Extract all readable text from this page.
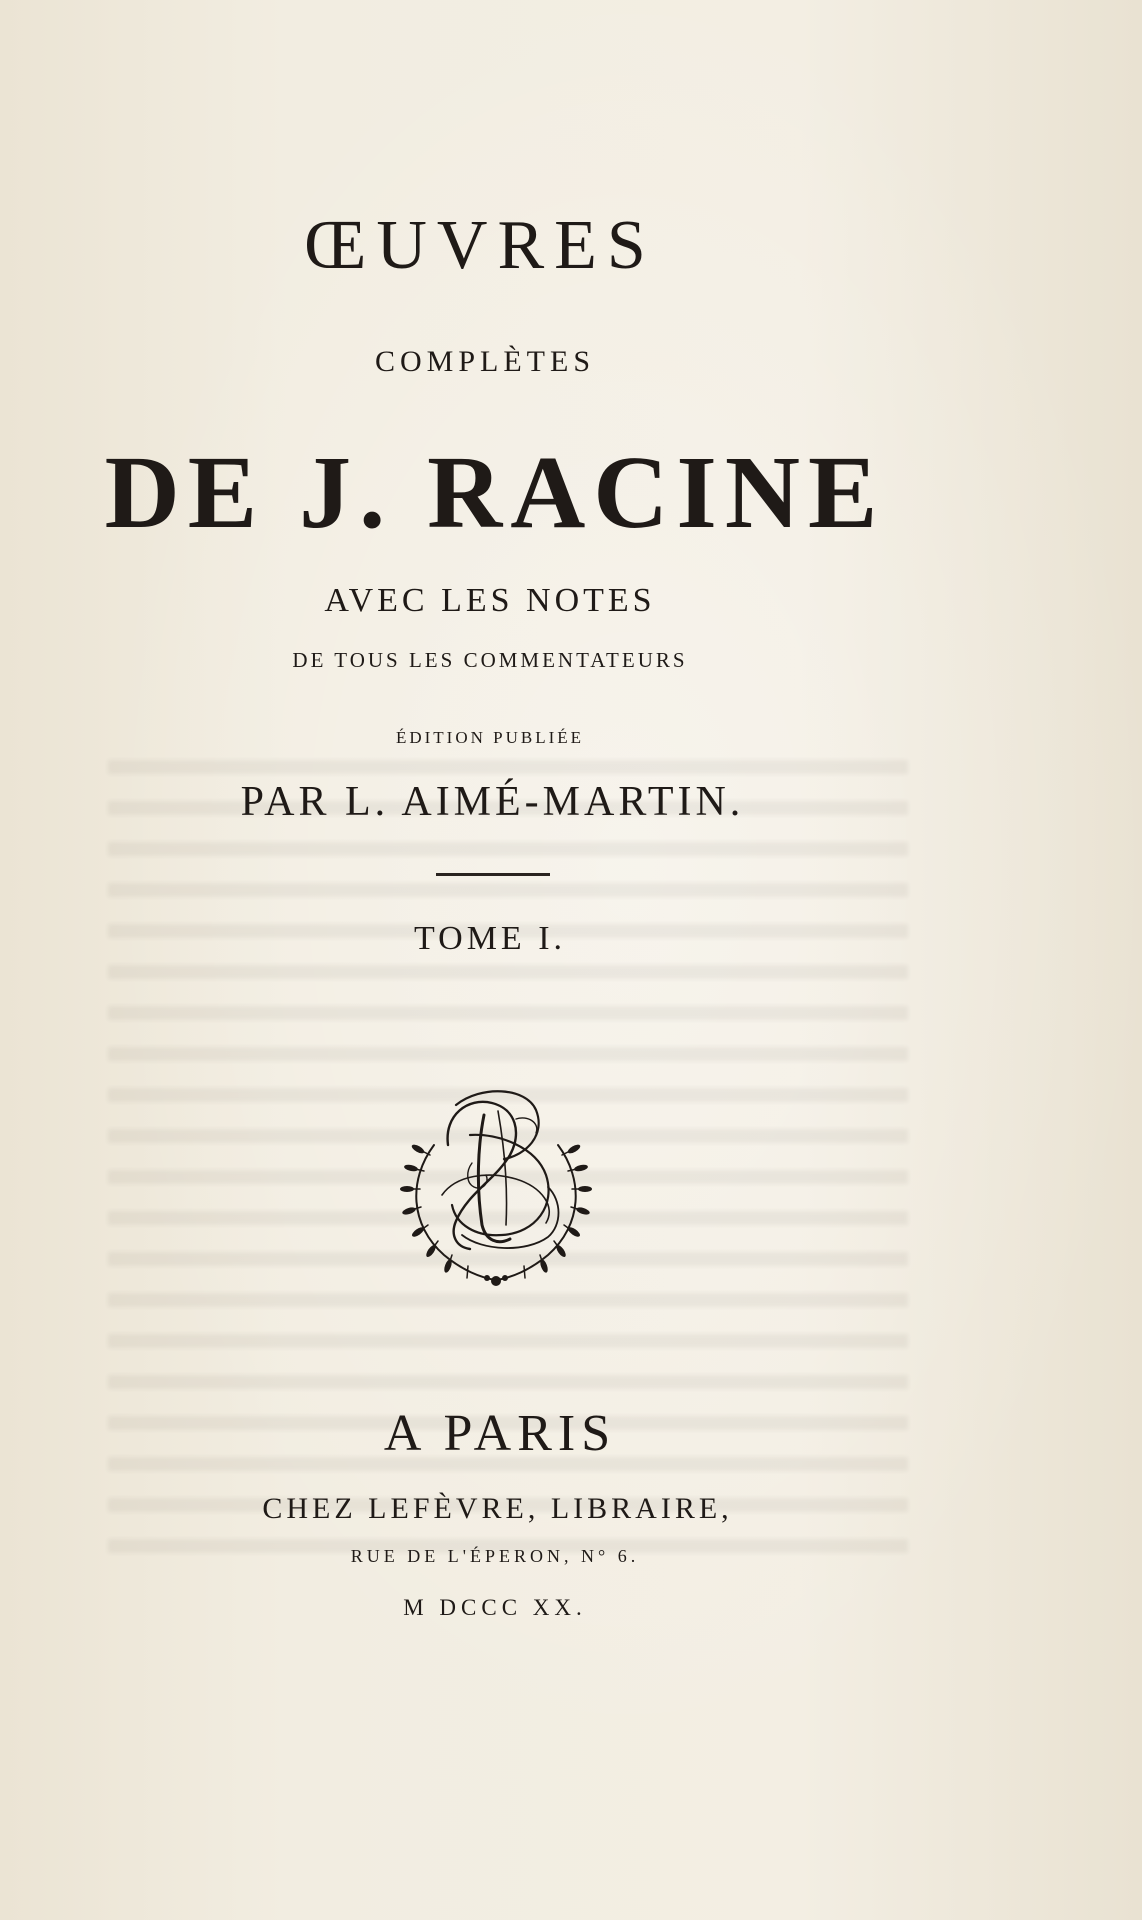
ŒUVRES
COMPLÈTES
DE J. RACINE
AVEC LES NOTES
DE TOUS LES COMMENTATEURS
ÉDITION PUBLIÉE
PAR L. AIMÉ-MARTIN.
TOME I.
A PARIS
CHEZ LEFÈVRE, LIBRAIRE,
RUE DE L'ÉPERON, N° 6.
M DCCC XX.
